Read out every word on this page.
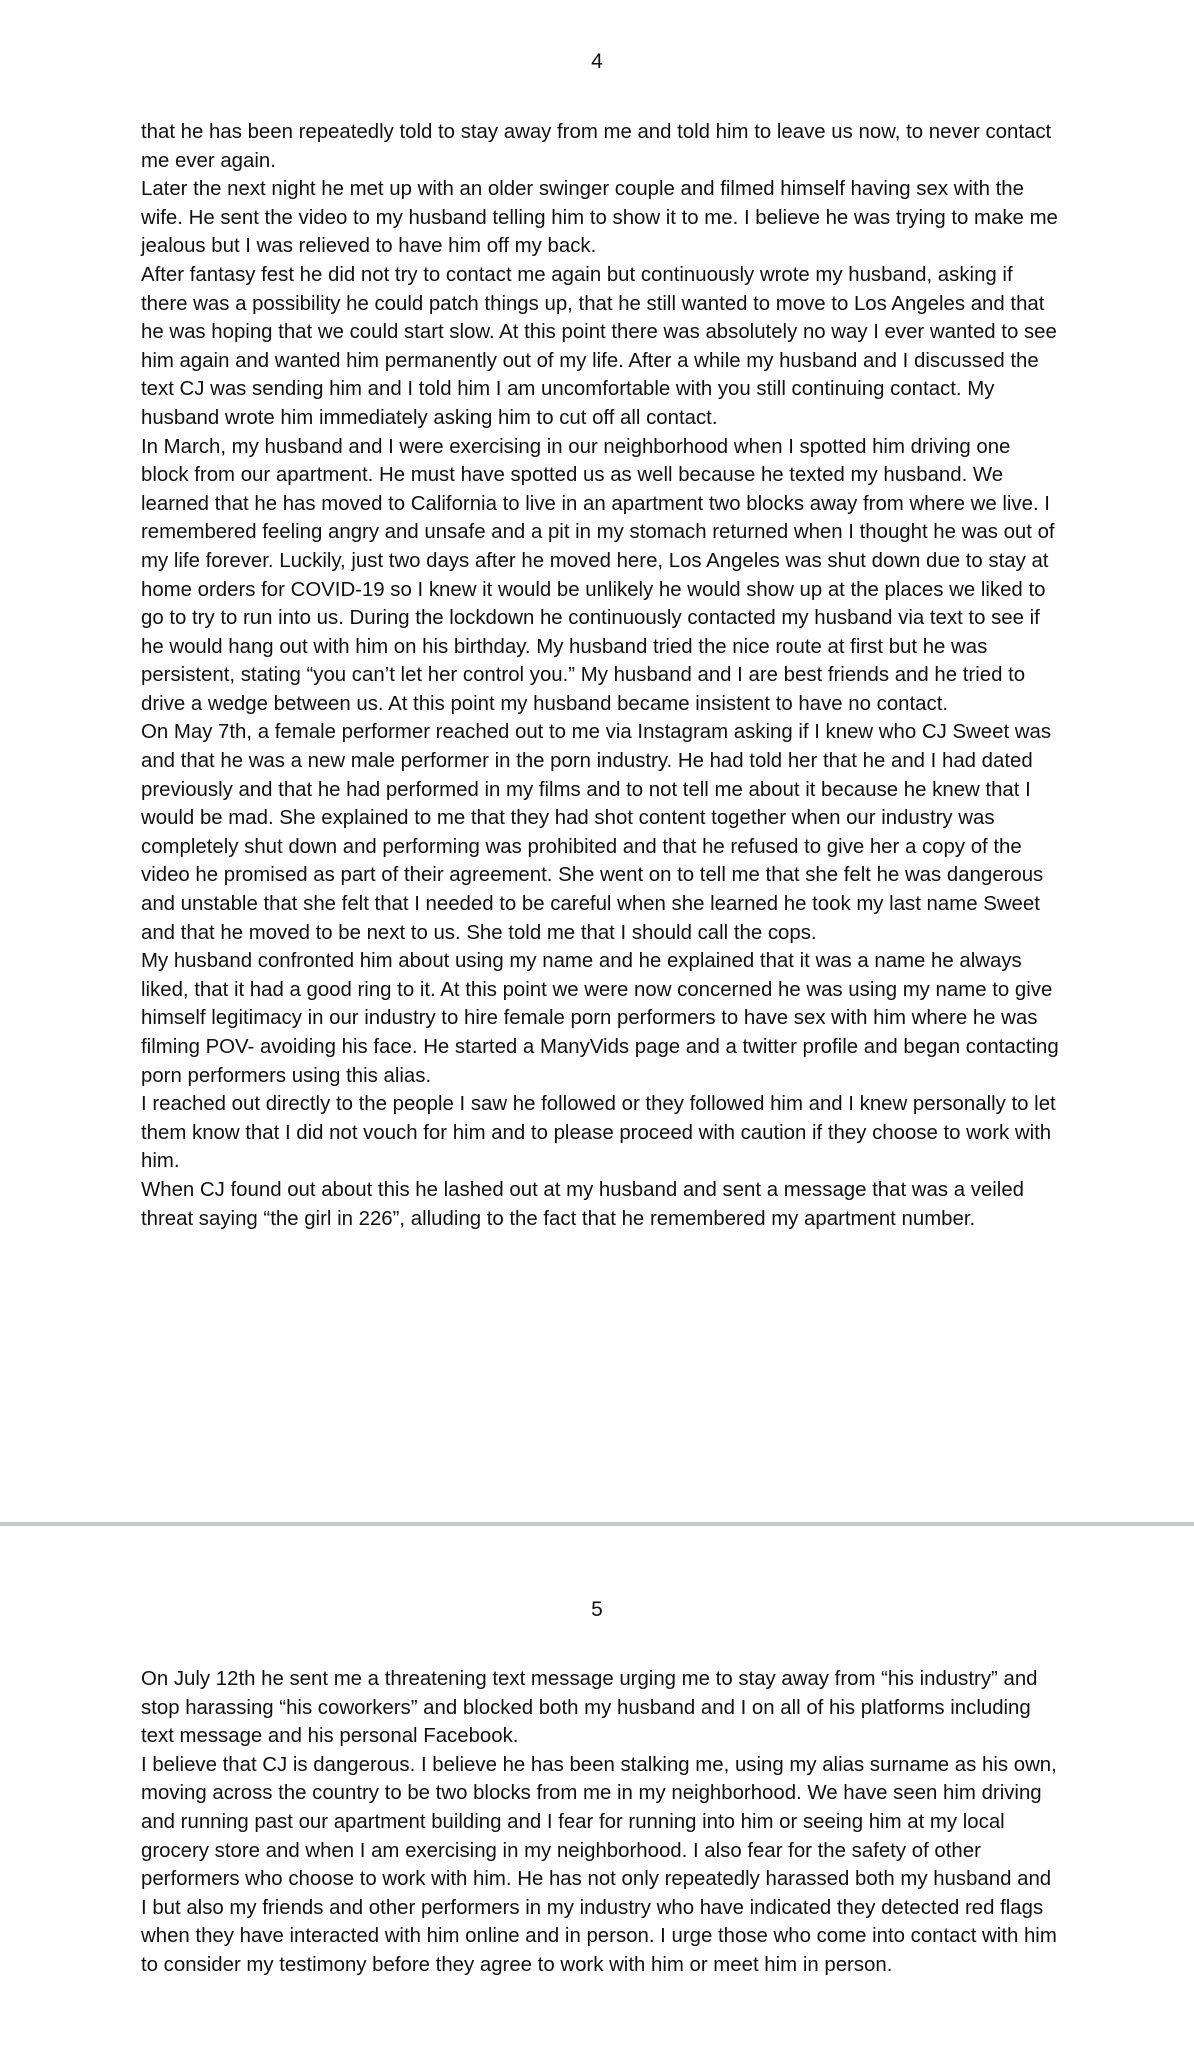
4

that he has been repeatedly told to stay away from me and told him to leave us now, to never contact me ever again.

Later the next night he met up with an older swinger couple and filmed himself having sex with the wife. He sent the video to my husband telling him to show it to me. I believe he was trying to make me jealous but I was relieved to have him off my back.

After fantasy fest he did not try to contact me again but continuously wrote my husband, asking if there was a possibility he could patch things up, that he still wanted to move to Los Angeles and that he was hoping that we could start slow. At this point there was absolutely no way I ever wanted to see him again and wanted him permanently out of my life. After a while my husband and I discussed the text CJ was sending him and I told him I am uncomfortable with you still continuing contact. My husband wrote him immediately asking him to cut off all contact.

In March, my husband and I were exercising in our neighborhood when I spotted him driving one block from our apartment. He must have spotted us as well because he texted my husband. We learned that he has moved to California to live in an apartment two blocks away from where we live. I remembered feeling angry and unsafe and a pit in my stomach returned when I thought he was out of my life forever. Luckily, just two days after he moved here, Los Angeles was shut down due to stay at home orders for COVID-19 so I knew it would be unlikely he would show up at the places we liked to go to try to run into us. During the lockdown he continuously contacted my husband via text to see if he would hang out with him on his birthday. My husband tried the nice route at first but he was persistent, stating “you can’t let her control you.” My husband and I are best friends and he tried to drive a wedge between us. At this point my husband became insistent to have no contact.

On May 7th, a female performer reached out to me via Instagram asking if I knew who CJ Sweet was and that he was a new male performer in the porn industry. He had told her that he and I had dated previously and that he had performed in my films and to not tell me about it because he knew that I would be mad. She explained to me that they had shot content together when our industry was completely shut down and performing was prohibited and that he refused to give her a copy of the video he promised as part of their agreement. She went on to tell me that she felt he was dangerous and unstable that she felt that I needed to be careful when she learned he took my last name Sweet and that he moved to be next to us. She told me that I should call the cops.

My husband confronted him about using my name and he explained that it was a name he always liked, that it had a good ring to it. At this point we were now concerned he was using my name to give himself legitimacy in our industry to hire female porn performers to have sex with him where he was filming POV- avoiding his face. He started a ManyVids page and a twitter profile and began contacting porn performers using this alias.

I reached out directly to the people I saw he followed or they followed him and I knew personally to let them know that I did not vouch for him and to please proceed with caution if they choose to work with him.

When CJ found out about this he lashed out at my husband and sent a message that was a veiled threat saying “the girl in 226”, alluding to the fact that he remembered my apartment number.

5

On July 12th he sent me a threatening text message urging me to stay away from “his industry” and stop harassing “his coworkers” and blocked both my husband and I on all of his platforms including text message and his personal Facebook.

I believe that CJ is dangerous. I believe he has been stalking me, using my alias surname as his own, moving across the country to be two blocks from me in my neighborhood. We have seen him driving and running past our apartment building and I fear for running into him or seeing him at my local grocery store and when I am exercising in my neighborhood. I also fear for the safety of other performers who choose to work with him. He has not only repeatedly harassed both my husband and I but also my friends and other performers in my industry who have indicated they detected red flags when they have interacted with him online and in person. I urge those who come into contact with him to consider my testimony before they agree to work with him or meet him in person.
